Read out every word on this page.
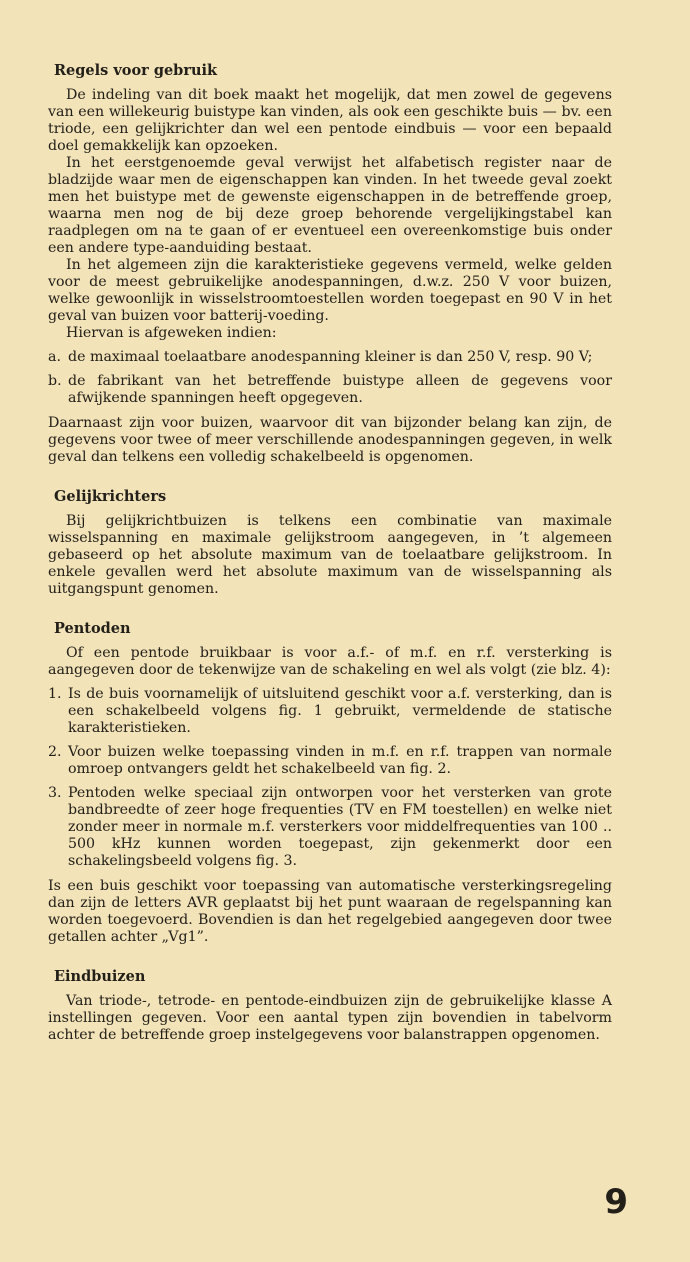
Regels voor gebruik

De indeling van dit boek maakt het mogelijk, dat men zowel de gegevens van een willekeurig buistype kan vinden, als ook een geschikte buis — bv. een triode, een gelijkrichter dan wel een pentode eindbuis — voor een bepaald doel gemakkelijk kan opzoeken.

In het eerstgenoemde geval verwijst het alfabetisch register naar de bladzijde waar men de eigenschappen kan vinden. In het tweede geval zoekt men het buistype met de gewenste eigenschappen in de betreffende groep, waarna men nog de bij deze groep behorende vergelijkingstabel kan raadplegen om na te gaan of er eventueel een overeenkomstige buis onder een andere type-aanduiding bestaat.

In het algemeen zijn die karakteristieke gegevens vermeld, welke gelden voor de meest gebruikelijke anodespanningen, d.w.z. 250 V voor buizen, welke gewoonlijk in wisselstroomtoestellen worden toegepast en 90 V in het geval van buizen voor batterij-voeding.

Hiervan is afgeweken indien:

a. de maximaal toelaatbare anodespanning kleiner is dan 250 V, resp. 90 V;
b. de fabrikant van het betreffende buistype alleen de gegevens voor afwijkende spanningen heeft opgegeven.

Daarnaast zijn voor buizen, waarvoor dit van bijzonder belang kan zijn, de gegevens voor twee of meer verschillende anodespanningen gegeven, in welk geval dan telkens een volledig schakelbeeld is opgenomen.

Gelijkrichters

Bij gelijkrichtbuizen is telkens een combinatie van maximale wisselspanning en maximale gelijkstroom aangegeven, in ’t algemeen gebaseerd op het absolute maximum van de toelaatbare gelijkstroom. In enkele gevallen werd het absolute maximum van de wisselspanning als uitgangspunt genomen.

Pentoden

Of een pentode bruikbaar is voor a.f.- of m.f. en r.f. versterking is aangegeven door de tekenwijze van de schakeling en wel als volgt (zie blz. 4):

1. Is de buis voornamelijk of uitsluitend geschikt voor a.f. versterking, dan is een schakelbeeld volgens fig. 1 gebruikt, vermeldende de statische karakteristieken.
2. Voor buizen welke toepassing vinden in m.f. en r.f. trappen van normale omroep ontvangers geldt het schakelbeeld van fig. 2.
3. Pentoden welke speciaal zijn ontworpen voor het versterken van grote bandbreedte of zeer hoge frequenties (TV en FM toestellen) en welke niet zonder meer in normale m.f. versterkers voor middelfrequenties van 100 .. 500 kHz kunnen worden toegepast, zijn gekenmerkt door een schakelingsbeeld volgens fig. 3.

Is een buis geschikt voor toepassing van automatische versterkingsregeling dan zijn de letters AVR geplaatst bij het punt waaraan de regelspanning kan worden toegevoerd. Bovendien is dan het regelgebied aangegeven door twee getallen achter „Vg1”.

Eindbuizen

Van triode-, tetrode- en pentode-eindbuizen zijn de gebruikelijke klasse A instellingen gegeven. Voor een aantal typen zijn bovendien in tabelvorm achter de betreffende groep instelgegevens voor balanstrappen opgenomen.

9
